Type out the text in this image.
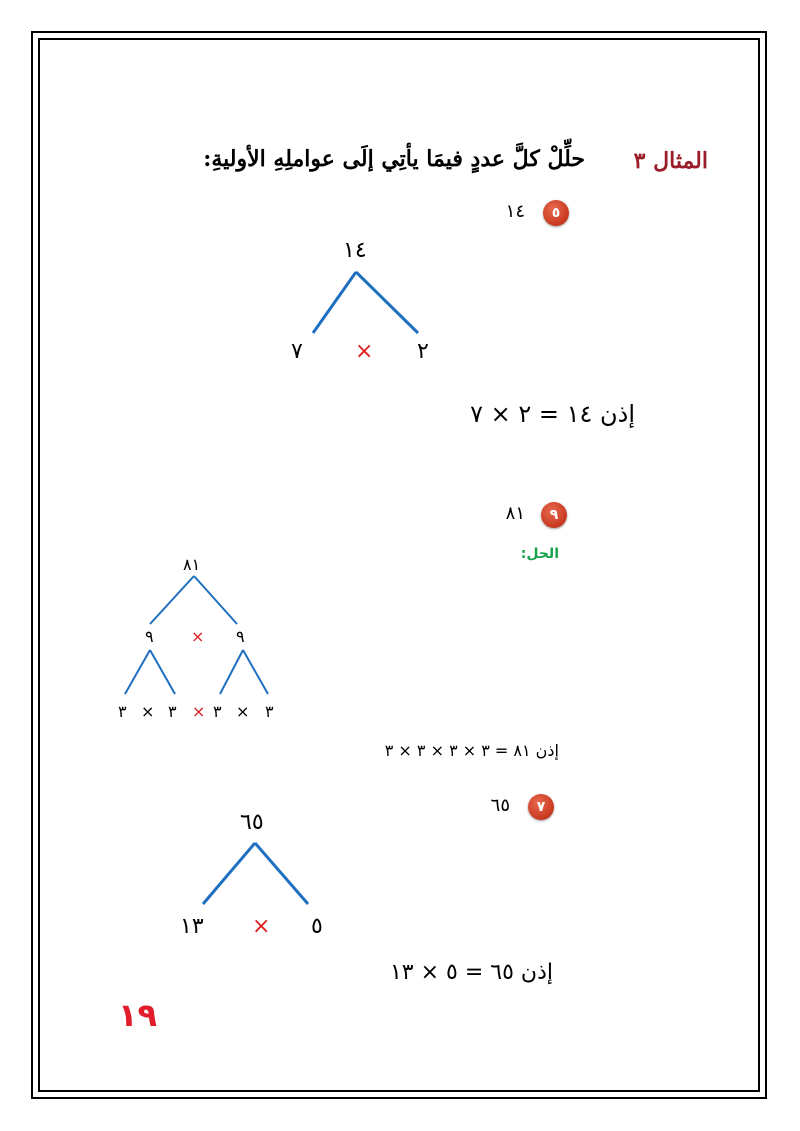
المثال ٣
حلِّلْ كلَّ عددٍ فيمَا يأتِي إلَى عواملِهِ الأوليةِ:
٥
١٤
١٤
٧ × ٢
إذن ١٤ = ٢ × ٧
٩
٨١
الحل:
٨١
٩ × ٩
٣ × ٣ × ٣ × ٣
إذن ٨١ = ٣ × ٣ × ٣ × ٣
٧
٦٥
٦٥
١٣ × ٥
إذن ٦٥ = ٥ × ١٣
١٩
